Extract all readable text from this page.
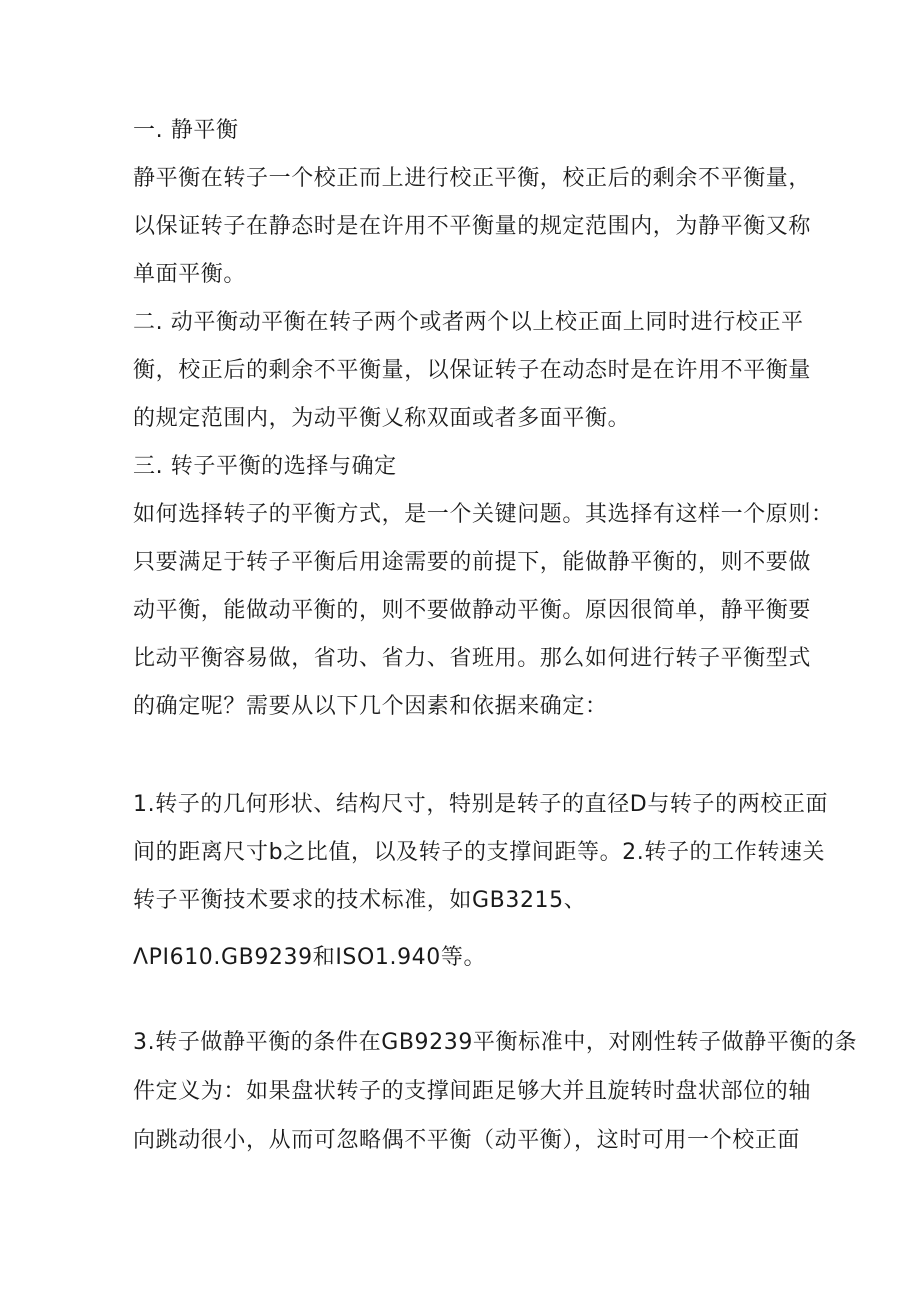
一. 静平衡
静平衡在转子一个校正而上进行校正平衡，校正后的剩余不平衡量，
以保证转子在静态时是在许用不平衡量的规定范围内，为静平衡又称
单面平衡。
二. 动平衡动平衡在转子两个或者两个以上校正面上同时进行校正平
衡，校正后的剩余不平衡量，以保证转子在动态时是在许用不平衡量
的规定范围内，为动平衡乂称双面或者多面平衡。
三. 转子平衡的选择与确定
如何选择转子的平衡方式，是一个关键问题。其选择有这样一个原则：
只要满足于转子平衡后用途需要的前提下，能做静平衡的，则不要做
动平衡，能做动平衡的，则不要做静动平衡。原因很简单，静平衡要
比动平衡容易做，省功、省力、省班用。那么如何进行转子平衡型式
的确定呢？需要从以下几个因素和依据来确定：
1.转子的几何形状、结构尺寸，特别是转子的直径D与转子的两校正面
间的距离尺寸b之比值，以及转子的支撑间距等。2.转子的工作转速关
转子平衡技术要求的技术标准，如GB3215、
ΛPI610.GB9239和ISO1.940等。
3.转子做静平衡的条件在GB9239平衡标准中，对刚性转子做静平衡的条
件定义为：如果盘状转子的支撑间距足够大并且旋转时盘状部位的轴
向跳动很小，从而可忽略偶不平衡（动平衡），这时可用一个校正面
